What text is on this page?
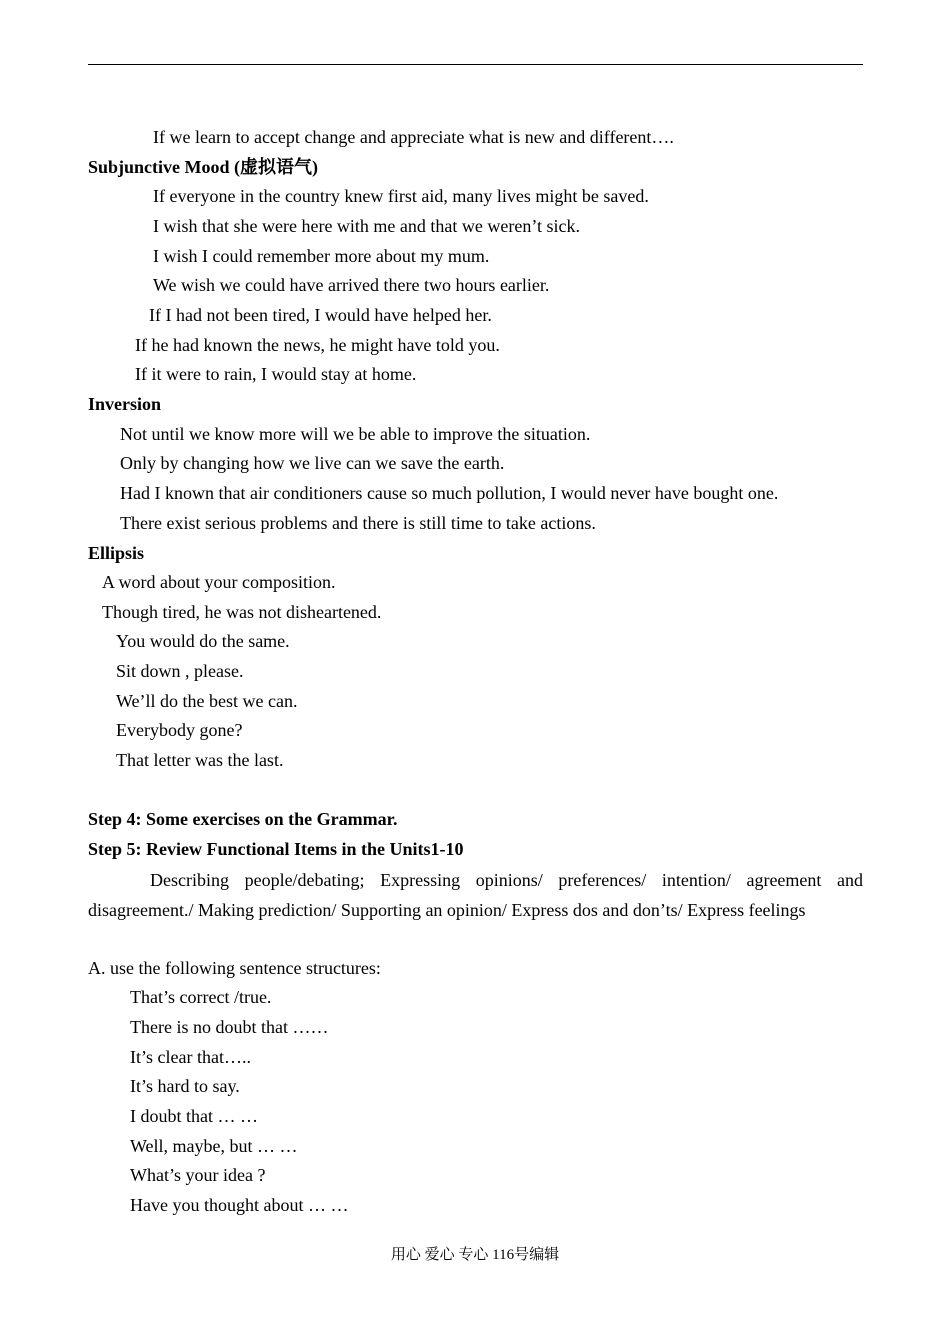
If we learn to accept change and appreciate what is new and different….
Subjunctive Mood (虚拟语气)
If everyone in the country knew first aid, many lives might be saved.
I wish that she were here with me and that we weren’t sick.
I wish I could remember more about my mum.
We wish we could have arrived there two hours earlier.
If I had not been tired, I would have helped her.
If he had known the news, he might have told you.
If it were to rain, I would stay at home.
Inversion
Not until we know more will we be able to improve the situation.
Only by changing how we live can we save the earth.
Had I known that air conditioners cause so much pollution, I would never have bought one.
There exist serious problems and there is still time to take actions.
Ellipsis
A word about your composition.
Though tired, he was not disheartened.
You would do the same.
Sit down , please.
We’ll do the best we can.
Everybody gone?
That letter was the last.
Step 4: Some exercises on the Grammar.
Step 5: Review Functional Items in the Units1-10
Describing people/debating; Expressing opinions/ preferences/ intention/ agreement and disagreement./ Making prediction/ Supporting an opinion/ Express dos and don’ts/ Express feelings
A. use the following sentence structures:
That’s correct /true.
There is no doubt that ……
It’s clear that…..
It’s hard to say.
I doubt that … …
Well, maybe, but … …
What’s your idea ?
Have you thought about … …
用心 爱心 专心 116号编辑
